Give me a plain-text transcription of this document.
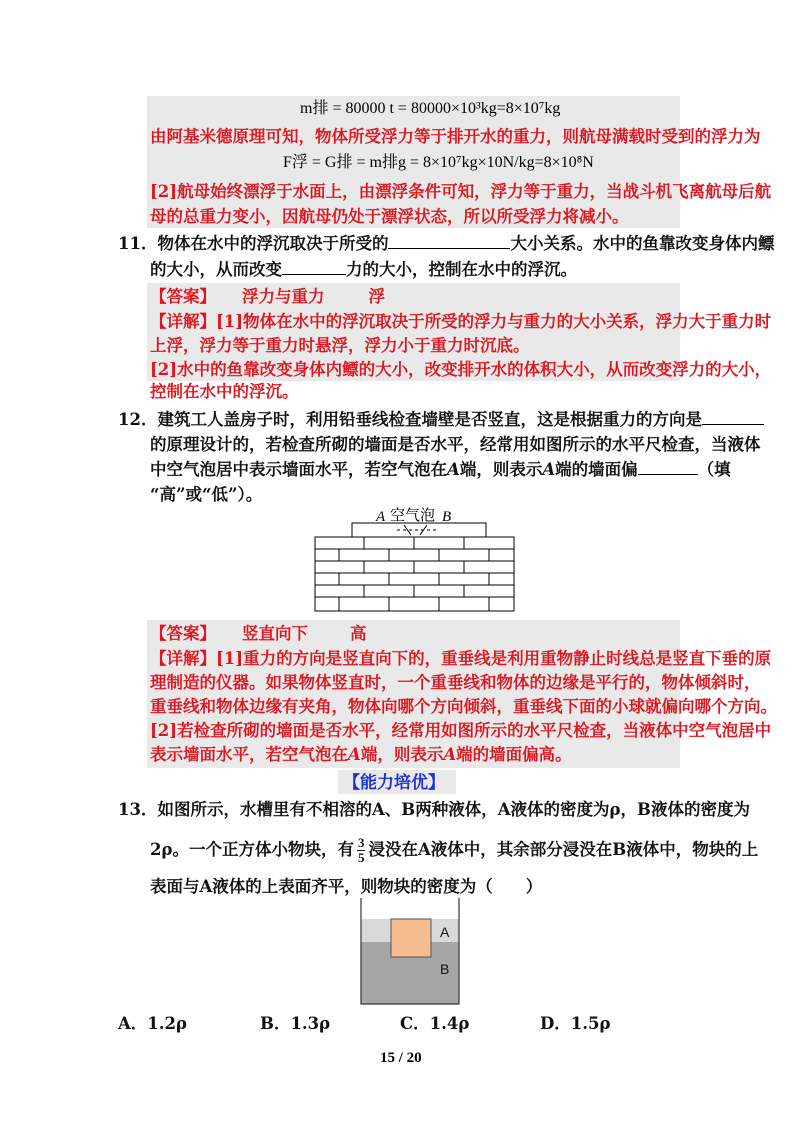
m排 = 80000 t = 80000×10³kg=8×10⁷kg
由阿基米德原理可知，物体所受浮力等于排开水的重力，则航母满载时受到的浮力为
F浮 = G排 = m排g = 8×10⁷kg×10N/kg=8×10⁸N
[2]航母始终漂浮于水面上，由漂浮条件可知，浮力等于重力，当战斗机飞离航母后航
母的总重力变小，因航母仍处于漂浮状态，所以所受浮力将减小。
11．物体在水中的浮沉取决于所受的	大小关系。水中的鱼靠改变身体内鳔
的大小，从而改变	力的大小，控制在水中的浮沉。
【答案】 浮力与重力	浮
【详解】[1]物体在水中的浮沉取决于所受的浮力与重力的大小关系，浮力大于重力时
上浮，浮力等于重力时悬浮，浮力小于重力时沉底。
[2]水中的鱼靠改变身体内鳔的大小，改变排开水的体积大小，从而改变浮力的大小，
控制在水中的浮沉。
12．建筑工人盖房子时，利用铅垂线检查墙壁是否竖直，这是根据重力的方向是
的原理设计的，若检查所砌的墙面是否水平，经常用如图所示的水平尺检查，当液体
中空气泡居中表示墙面水平，若空气泡在A端，则表示A端的墙面偏	（填
“高”或“低”）。
A 空气泡 B
【答案】 竖直向下	高
【详解】[1]重力的方向是竖直向下的，重垂线是利用重物静止时线总是竖直下垂的原
理制造的仪器。如果物体竖直时，一个重垂线和物体的边缘是平行的，物体倾斜时，
重垂线和物体边缘有夹角，物体向哪个方向倾斜，重垂线下面的小球就偏向哪个方向。
[2]若检查所砌的墙面是否水平，经常用如图所示的水平尺检查，当液体中空气泡居中
表示墙面水平，若空气泡在A端，则表示A端的墙面偏高。
【能力培优】
13．如图所示，水槽里有不相溶的A、B两种液体，A液体的密度为ρ，B液体的密度为
2ρ。一个正方体小物块，有 $\frac{3}{5}$ 浸没在A液体中，其余部分浸没在B液体中，物块的上
表面与A液体的上表面齐平，则物块的密度为（　　）
A
B
A．1.2ρ	B．1.3ρ	C．1.4ρ	D．1.5ρ
15 / 20
